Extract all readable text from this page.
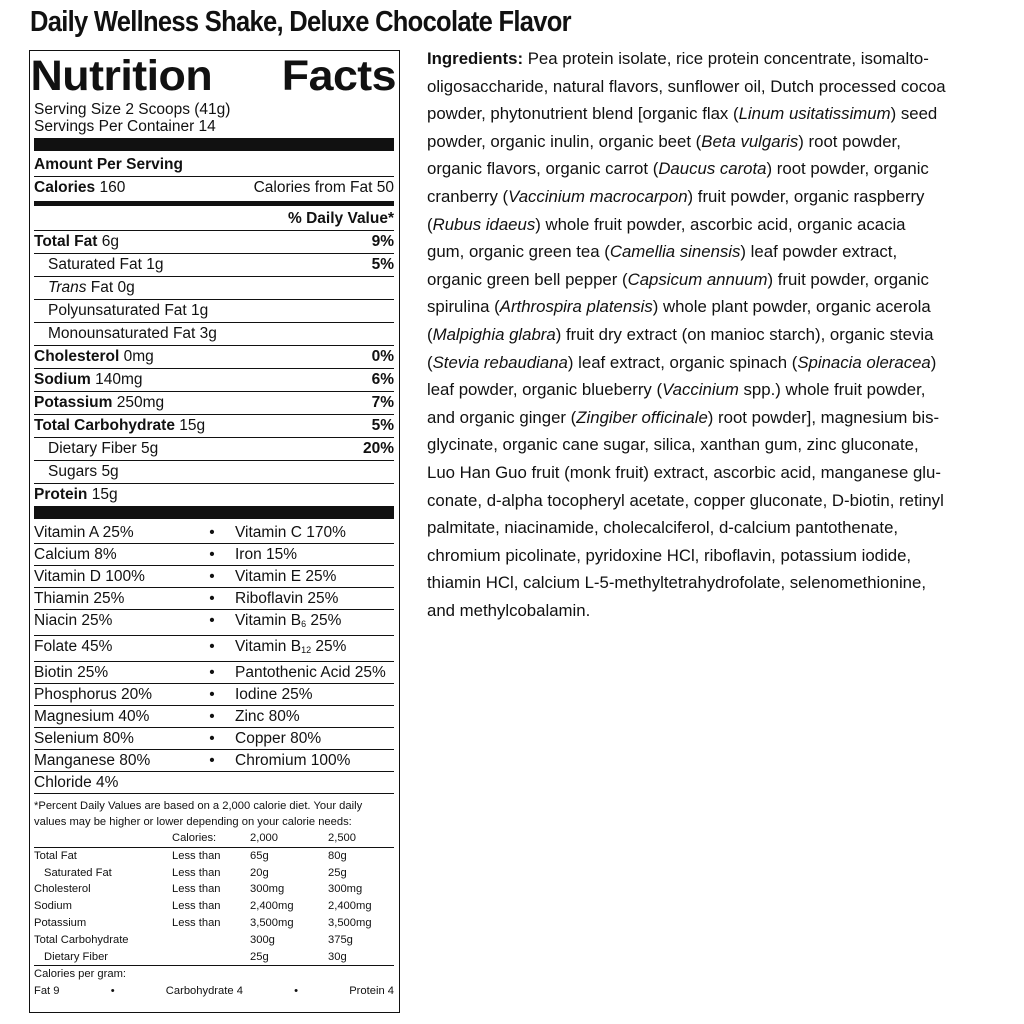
Daily Wellness Shake, Deluxe Chocolate Flavor
Nutrition Facts
Serving Size 2 Scoops (41g)
Servings Per Container 14
Amount Per Serving
Calories 160	Calories from Fat 50
% Daily Value*
Total Fat 6g	9%
Saturated Fat 1g	5%
Trans Fat 0g
Polyunsaturated Fat 1g
Monounsaturated Fat 3g
Cholesterol 0mg	0%
Sodium 140mg	6%
Potassium 250mg	7%
Total Carbohydrate 15g	5%
Dietary Fiber 5g	20%
Sugars 5g
Protein 15g
Vitamin A 25%	•	Vitamin C 170%
Calcium 8%	•	Iron 15%
Vitamin D 100%	•	Vitamin E 25%
Thiamin 25%	•	Riboflavin 25%
Niacin 25%	•	Vitamin $B_6$ 25%
Folate 45%	•	Vitamin $B_{12}$ 25%
Biotin 25%	•	Pantothenic Acid 25%
Phosphorus 20%	•	Iodine 25%
Magnesium 40%	•	Zinc 80%
Selenium 80%	•	Copper 80%
Manganese 80%	•	Chromium 100%
Chloride 4%
*Percent Daily Values are based on a 2,000 calorie diet. Your daily values may be higher or lower depending on your calorie needs:
	Calories:	2,000	2,500
Total Fat	Less than	65g	80g
Saturated Fat	Less than	20g	25g
Cholesterol	Less than	300mg	300mg
Sodium	Less than	2,400mg	2,400mg
Potassium	Less than	3,500mg	3,500mg
Total Carbohydrate		300g	375g
Dietary Fiber		25g	30g
Calories per gram:
Fat 9	•	Carbohydrate 4	•	Protein 4
Ingredients: Pea protein isolate, rice protein concentrate, isomalto-
oligosaccharide, natural flavors, sunflower oil, Dutch processed cocoa
powder, phytonutrient blend [organic flax (Linum usitatissimum) seed
powder, organic inulin, organic beet (Beta vulgaris) root powder,
organic flavors, organic carrot (Daucus carota) root powder, organic
cranberry (Vaccinium macrocarpon) fruit powder, organic raspberry
(Rubus idaeus) whole fruit powder, ascorbic acid, organic acacia
gum, organic green tea (Camellia sinensis) leaf powder extract,
organic green bell pepper (Capsicum annuum) fruit powder, organic
spirulina (Arthrospira platensis) whole plant powder, organic acerola
(Malpighia glabra) fruit dry extract (on manioc starch), organic stevia
(Stevia rebaudiana) leaf extract, organic spinach (Spinacia oleracea)
leaf powder, organic blueberry (Vaccinium spp.) whole fruit powder,
and organic ginger (Zingiber officinale) root powder], magnesium bis-
glycinate, organic cane sugar, silica, xanthan gum, zinc gluconate,
Luo Han Guo fruit (monk fruit) extract, ascorbic acid, manganese glu-
conate, d-alpha tocopheryl acetate, copper gluconate, D-biotin, retinyl
palmitate, niacinamide, cholecalciferol, d-calcium pantothenate,
chromium picolinate, pyridoxine HCl, riboflavin, potassium iodide,
thiamin HCl, calcium L-5-methyltetrahydrofolate, selenomethionine,
and methylcobalamin.
